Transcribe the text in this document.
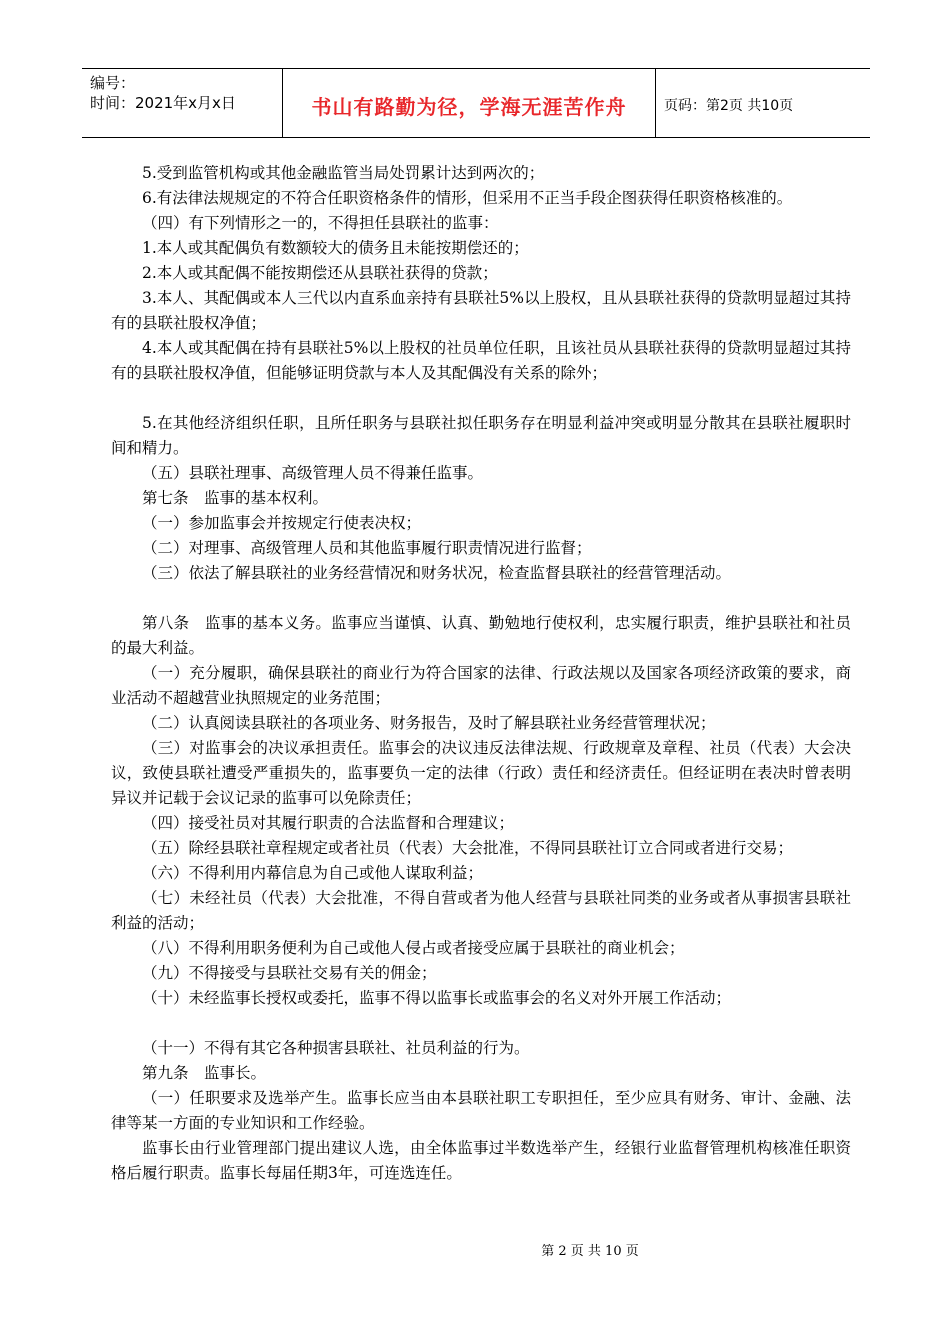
编号：
时间：2021年x月x日	书山有路勤为径，学海无涯苦作舟	页码：第2页 共10页

5.受到监管机构或其他金融监管当局处罚累计达到两次的；

6.有法律法规规定的不符合任职资格条件的情形，但采用不正当手段企图获得任职资格核准的。

（四）有下列情形之一的，不得担任县联社的监事：

1.本人或其配偶负有数额较大的债务且未能按期偿还的；

2.本人或其配偶不能按期偿还从县联社获得的贷款；

3.本人、其配偶或本人三代以内直系血亲持有县联社5%以上股权，且从县联社获得的贷款明显超过其持有的县联社股权净值；

4.本人或其配偶在持有县联社5%以上股权的社员单位任职，且该社员从县联社获得的贷款明显超过其持有的县联社股权净值，但能够证明贷款与本人及其配偶没有关系的除外；

5.在其他经济组织任职，且所任职务与县联社拟任职务存在明显利益冲突或明显分散其在县联社履职时间和精力。

（五）县联社理事、高级管理人员不得兼任监事。

第七条　监事的基本权利。

（一）参加监事会并按规定行使表决权；

（二）对理事、高级管理人员和其他监事履行职责情况进行监督；

（三）依法了解县联社的业务经营情况和财务状况，检查监督县联社的经营管理活动。

第八条　监事的基本义务。监事应当谨慎、认真、勤勉地行使权利，忠实履行职责，维护县联社和社员的最大利益。

（一）充分履职，确保县联社的商业行为符合国家的法律、行政法规以及国家各项经济政策的要求，商业活动不超越营业执照规定的业务范围；

（二）认真阅读县联社的各项业务、财务报告，及时了解县联社业务经营管理状况；

（三）对监事会的决议承担责任。监事会的决议违反法律法规、行政规章及章程、社员（代表）大会决议，致使县联社遭受严重损失的，监事要负一定的法律（行政）责任和经济责任。但经证明在表决时曾表明异议并记载于会议记录的监事可以免除责任；

（四）接受社员对其履行职责的合法监督和合理建议；

（五）除经县联社章程规定或者社员（代表）大会批准，不得同县联社订立合同或者进行交易；

（六）不得利用内幕信息为自己或他人谋取利益；

（七）未经社员（代表）大会批准，不得自营或者为他人经营与县联社同类的业务或者从事损害县联社利益的活动；

（八）不得利用职务便利为自己或他人侵占或者接受应属于县联社的商业机会；

（九）不得接受与县联社交易有关的佣金；

（十）未经监事长授权或委托，监事不得以监事长或监事会的名义对外开展工作活动；

（十一）不得有其它各种损害县联社、社员利益的行为。

第九条　监事长。

（一）任职要求及选举产生。监事长应当由本县联社职工专职担任，至少应具有财务、审计、金融、法律等某一方面的专业知识和工作经验。

监事长由行业管理部门提出建议人选，由全体监事过半数选举产生，经银行业监督管理机构核准任职资格后履行职责。监事长每届任期3年，可连选连任。

第 2 页 共 10 页
